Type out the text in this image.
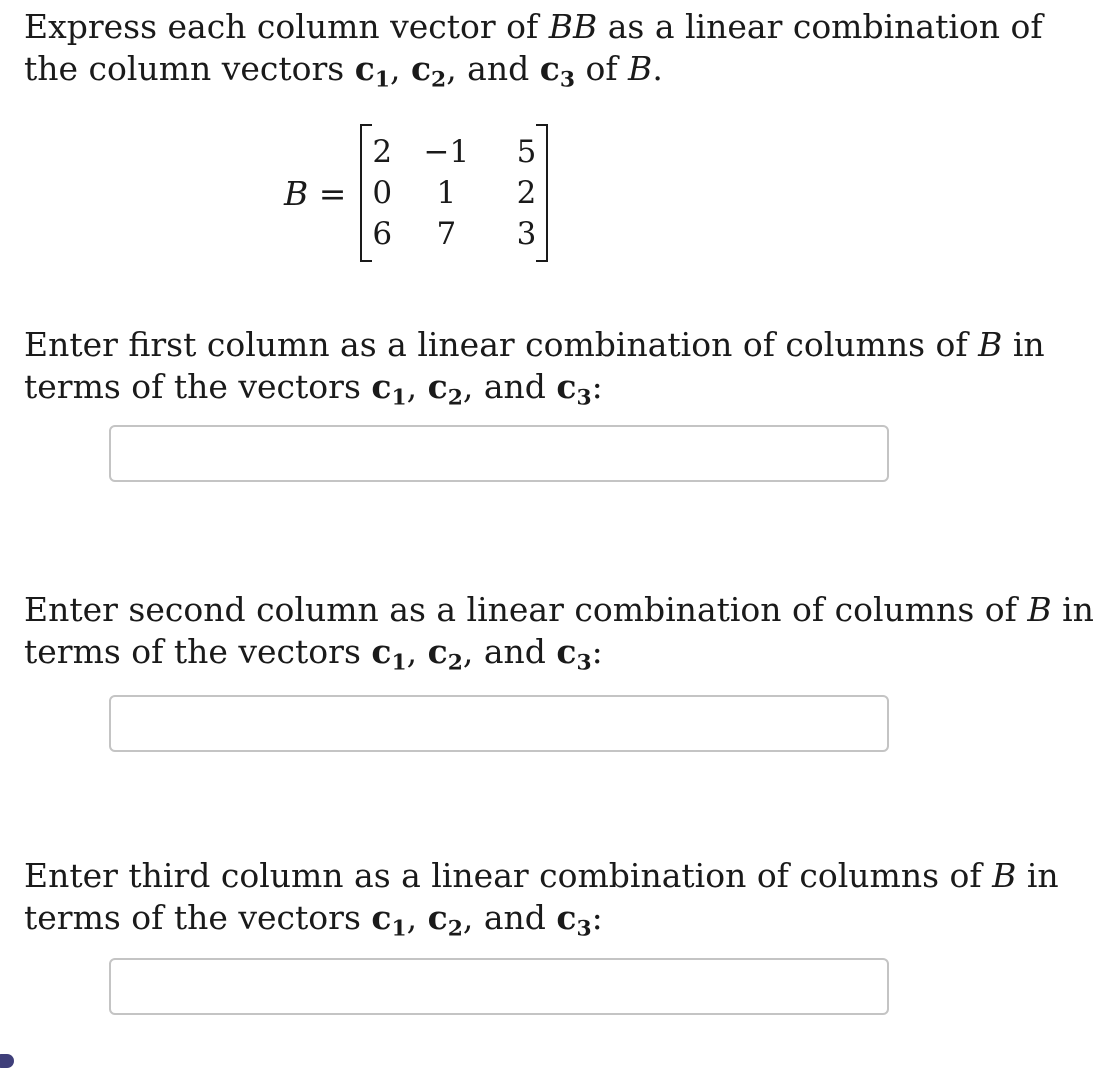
Express each column vector of BB as a linear combination of
the column vectors $c_1$, $c_2$, and $c_3$ of B.

B =
2	−1	5
0	1	2
6	7	3

Enter first column as a linear combination of columns of B in
terms of the vectors $c_1$, $c_2$, and $c_3$:

Enter second column as a linear combination of columns of B in
terms of the vectors $c_1$, $c_2$, and $c_3$:

Enter third column as a linear combination of columns of B in
terms of the vectors $c_1$, $c_2$, and $c_3$:
